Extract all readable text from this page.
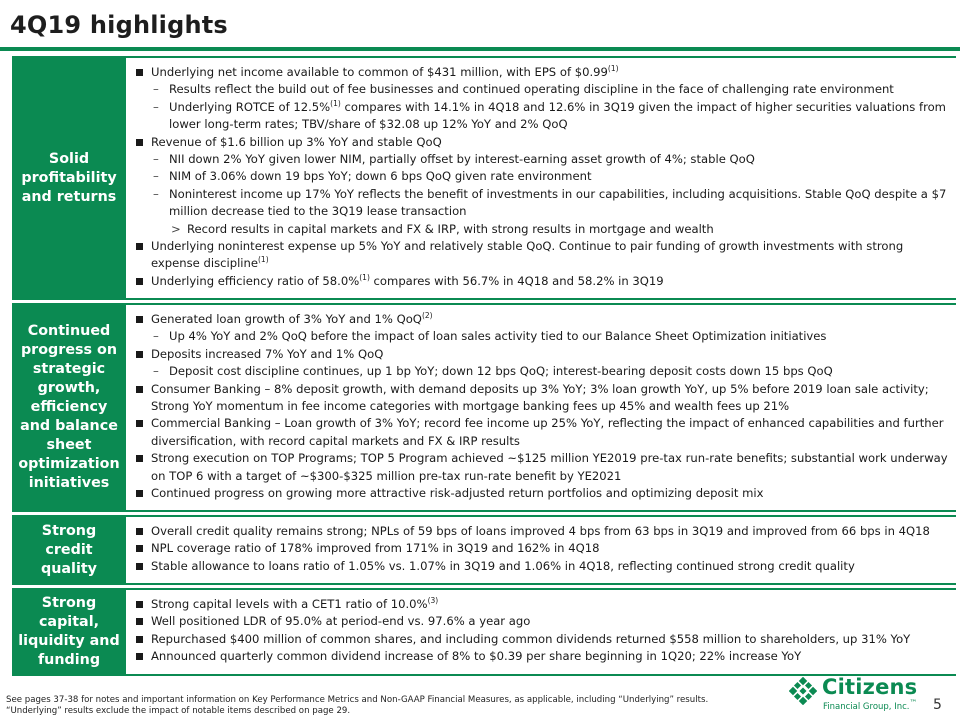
4Q19 highlights
Solid profitability and returns
Underlying net income available to common of $431 million, with EPS of $0.99$^{(1)}$
– Results reflect the build out of fee businesses and continued operating discipline in the face of challenging rate environment
– Underlying ROTCE of 12.5%$^{(1)}$ compares with 14.1% in 4Q18 and 12.6% in 3Q19 given the impact of higher securities valuations from lower long-term rates; TBV/share of $32.08 up 12% YoY and 2% QoQ
Revenue of $1.6 billion up 3% YoY and stable QoQ
– NII down 2% YoY given lower NIM, partially offset by interest-earning asset growth of 4%; stable QoQ
– NIM of 3.06% down 19 bps YoY; down 6 bps QoQ given rate environment
– Noninterest income up 17% YoY reflects the benefit of investments in our capabilities, including acquisitions. Stable QoQ despite a $7 million decrease tied to the 3Q19 lease transaction
> Record results in capital markets and FX & IRP, with strong results in mortgage and wealth
Underlying noninterest expense up 5% YoY and relatively stable QoQ. Continue to pair funding of growth investments with strong expense discipline$^{(1)}$
Underlying efficiency ratio of 58.0%$^{(1)}$ compares with 56.7% in 4Q18 and 58.2% in 3Q19
Continued progress on strategic growth, efficiency and balance sheet optimization initiatives
Generated loan growth of 3% YoY and 1% QoQ$^{(2)}$
– Up 4% YoY and 2% QoQ before the impact of loan sales activity tied to our Balance Sheet Optimization initiatives
Deposits increased 7% YoY and 1% QoQ
– Deposit cost discipline continues, up 1 bp YoY; down 12 bps QoQ; interest-bearing deposit costs down 15 bps QoQ
Consumer Banking – 8% deposit growth, with demand deposits up 3% YoY; 3% loan growth YoY, up 5% before 2019 loan sale activity; Strong YoY momentum in fee income categories with mortgage banking fees up 45% and wealth fees up 21%
Commercial Banking – Loan growth of 3% YoY; record fee income up 25% YoY, reflecting the impact of enhanced capabilities and further diversification, with record capital markets and FX & IRP results
Strong execution on TOP Programs; TOP 5 Program achieved ~$125 million YE2019 pre-tax run-rate benefits; substantial work underway on TOP 6 with a target of ~$300-$325 million pre-tax run-rate benefit by YE2021
Continued progress on growing more attractive risk-adjusted return portfolios and optimizing deposit mix
Strong credit quality
Overall credit quality remains strong; NPLs of 59 bps of loans improved 4 bps from 63 bps in 3Q19 and improved from 66 bps in 4Q18
NPL coverage ratio of 178% improved from 171% in 3Q19 and 162% in 4Q18
Stable allowance to loans ratio of 1.05% vs. 1.07% in 3Q19 and 1.06% in 4Q18, reflecting continued strong credit quality
Strong capital, liquidity and funding
Strong capital levels with a CET1 ratio of 10.0%$^{(3)}$
Well positioned LDR of 95.0% at period-end vs. 97.6% a year ago
Repurchased $400 million of common shares, and including common dividends returned $558 million to shareholders, up 31% YoY
Announced quarterly common dividend increase of 8% to $0.39 per share beginning in 1Q20; 22% increase YoY
See pages 37-38 for notes and important information on Key Performance Metrics and Non-GAAP Financial Measures, as applicable, including “Underlying” results. “Underlying” results exclude the impact of notable items described on page 29.
Citizens
Financial Group, Inc.™ 5
